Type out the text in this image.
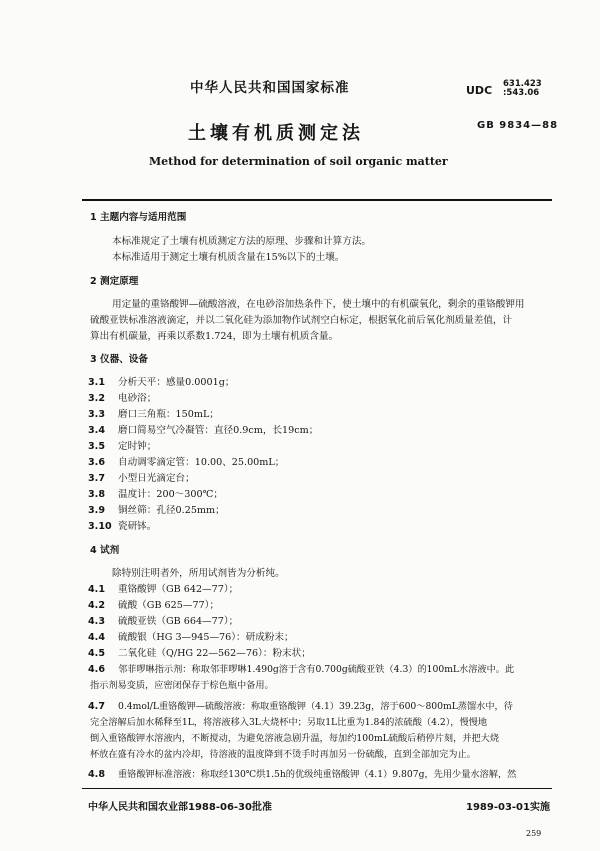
中华人民共和国国家标准	UDC 631.423
:543.06
土壤有机质测定法	GB 9834—88
Method for determination of soil organic matter
1 主题内容与适用范围
本标准规定了土壤有机质测定方法的原理、步骤和计算方法。
本标准适用于测定土壤有机质含量在15%以下的土壤。
2 测定原理
用定量的重铬酸钾—硫酸溶液，在电砂浴加热条件下，使土壤中的有机碳氧化，剩余的重铬酸钾用
硫酸亚铁标准溶液滴定，并以二氧化硅为添加物作试剂空白标定，根据氧化前后氧化剂质量差值，计
算出有机碳量，再乘以系数1.724，即为土壤有机质含量。
3 仪器、设备
3.1 分析天平：感量0.0001g；
3.2 电砂浴；
3.3 磨口三角瓶：150mL；
3.4 磨口简易空气冷凝管：直径0.9cm，长19cm；
3.5 定时钟；
3.6 自动调零滴定管：10.00、25.00mL；
3.7 小型日光滴定台；
3.8 温度计：200～300℃；
3.9 铜丝筛：孔径0.25mm；
3.10 瓷研钵。
4 试剂
除特别注明者外，所用试剂皆为分析纯。
4.1 重铬酸钾（GB 642—77）；
4.2 硫酸（GB 625—77）；
4.3 硫酸亚铁（GB 664—77）；
4.4 硫酸银（HG 3—945—76）：研成粉末；
4.5 二氧化硅（Q/HG 22—562—76）：粉末状；
4.6 邻菲啰啉指示剂：称取邻菲啰啉1.490g溶于含有0.700g硫酸亚铁（4.3）的100mL水溶液中。此
指示剂易变质，应密闭保存于棕色瓶中备用。
4.7 0.4mol/L重铬酸钾—硫酸溶液：称取重铬酸钾（4.1）39.23g，溶于600～800mL蒸馏水中，待
完全溶解后加水稀释至1L，将溶液移入3L大烧杯中；另取1L比重为1.84的浓硫酸（4.2），慢慢地
倒入重铬酸钾水溶液内，不断搅动，为避免溶液急剧升温，每加约100mL硫酸后稍停片刻，并把大烧
杯放在盛有冷水的盆内冷却，待溶液的温度降到不烫手时再加另一份硫酸，直到全部加完为止。
4.8 重铬酸钾标准溶液：称取经130℃烘1.5h的优级纯重铬酸钾（4.1）9.807g，先用少量水溶解，然
中华人民共和国农业部1988-06-30批准	1989-03-01实施
259
